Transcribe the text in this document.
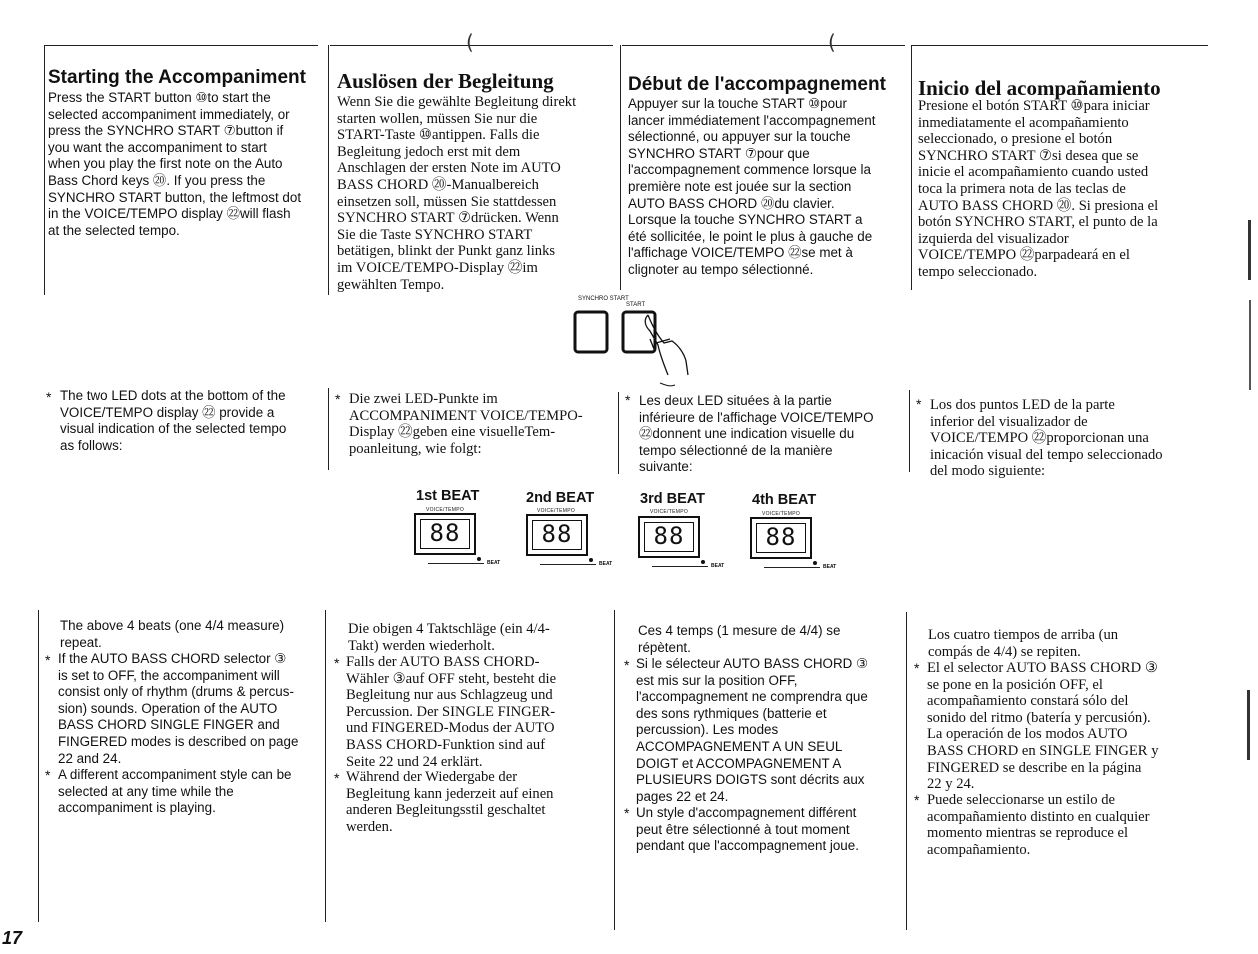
(	(
Starting the Accompaniment

Press the START button ⑩to start the
selected accompaniment immediately, or
press the SYNCHRO START ⑦button if
you want the accompaniment to start
when you play the first note on the Auto
Bass Chord keys ⑳. If you press the
SYNCHRO START button, the leftmost dot
in the VOICE/TEMPO display ㉒will flash
at the selected tempo.

Auslösen der Begleitung

Wenn Sie die gewählte Begleitung direkt
starten wollen, müssen Sie nur die
START-Taste ⑩antippen. Falls die
Begleitung jedoch erst mit dem
Anschlagen der ersten Note im AUTO
BASS CHORD ⑳-Manualbereich
einsetzen soll, müssen Sie stattdessen
SYNCHRO START ⑦drücken. Wenn
Sie die Taste SYNCHRO START
betätigen, blinkt der Punkt ganz links
im VOICE/TEMPO-Display ㉒im
gewählten Tempo.

Début de l'accompagnement

Appuyer sur la touche START ⑩pour
lancer immédiatement l'accompagnement
sélectionné, ou appuyer sur la touche
SYNCHRO START ⑦pour que
l'accompagnement commence lorsque la
première note est jouée sur la section
AUTO BASS CHORD ⑳du clavier.
Lorsque la touche SYNCHRO START a
été sollicitée, le point le plus à gauche de
l'affichage VOICE/TEMPO ㉒se met à
clignoter au tempo sélectionné.

Inicio del acompañamiento

Presione el botón START ⑩para iniciar
inmediatamente el acompañamiento
seleccionado, o presione el botón
SYNCHRO START ⑦si desea que se
inicie el acompañamiento cuando usted
toca la primera nota de las teclas de
AUTO BASS CHORD ⑳. Si presiona el
botón SYNCHRO START, el punto de la
izquierda del visualizador
VOICE/TEMPO ㉒parpadeará en el
tempo seleccionado.

SYNCHRO START
START
* The two LED dots at the bottom of the
VOICE/TEMPO display ㉒ provide a
visual indication of the selected tempo
as follows:

* Die zwei LED-Punkte im
ACCOMPANIMENT VOICE/TEMPO-
Display ㉒geben eine visuelleTem-
poanleitung, wie folgt:

* Les deux LED situées à la partie
inférieure de l'affichage VOICE/TEMPO
㉒donnent une indication visuelle du
tempo sélectionné de la manière
suivante:

* Los dos puntos LED de la parte
inferior del visualizador de
VOICE/TEMPO ㉒proporcionan una
inicación visual del tempo seleccionado
del modo siguiente:

1st BEAT	2nd BEAT	3rd BEAT	4th BEAT
VOICE/TEMPO	VOICE/TEMPO	VOICE/TEMPO	VOICE/TEMPO
88	88	88	88
BEAT	BEAT	BEAT	BEAT

The above 4 beats (one 4/4 measure)
repeat.

* If the AUTO BASS CHORD selector ③
is set to OFF, the accompaniment will
consist only of rhythm (drums & percus-
sion) sounds. Operation of the AUTO
BASS CHORD SINGLE FINGER and
FINGERED modes is described on page
22 and 24.

* A different accompaniment style can be
selected at any time while the
accompaniment is playing.

Die obigen 4 Taktschläge (ein 4/4-
Takt) werden wiederholt.

* Falls der AUTO BASS CHORD-
Wähler ③auf OFF steht, besteht die
Begleitung nur aus Schlagzeug und
Percussion. Der SINGLE FINGER-
und FINGERED-Modus der AUTO
BASS CHORD-Funktion sind auf
Seite 22 und 24 erklärt.

* Während der Wiedergabe der
Begleitung kann jederzeit auf einen
anderen Begleitungsstil geschaltet
werden.

Ces 4 temps (1 mesure de 4/4) se
répètent.

* Si le sélecteur AUTO BASS CHORD ③
est mis sur la position OFF,
l'accompagnement ne comprendra que
des sons rythmiques (batterie et
percussion). Les modes
ACCOMPAGNEMENT A UN SEUL
DOIGT et ACCOMPAGNEMENT A
PLUSIEURS DOIGTS sont décrits aux
pages 22 et 24.

* Un style d'accompagnement différent
peut être sélectionné à tout moment
pendant que l'accompagnement joue.

Los cuatro tiempos de arriba (un
compás de 4/4) se repiten.

* El el selector AUTO BASS CHORD ③
se pone en la posición OFF, el
acompañamiento constará sólo del
sonido del ritmo (batería y percusión).
La operación de los modos AUTO
BASS CHORD en SINGLE FINGER y
FINGERED se describe en la página
22 y 24.

* Puede seleccionarse un estilo de
acompañamiento distinto en cualquier
momento mientras se reproduce el
acompañamiento.

17
